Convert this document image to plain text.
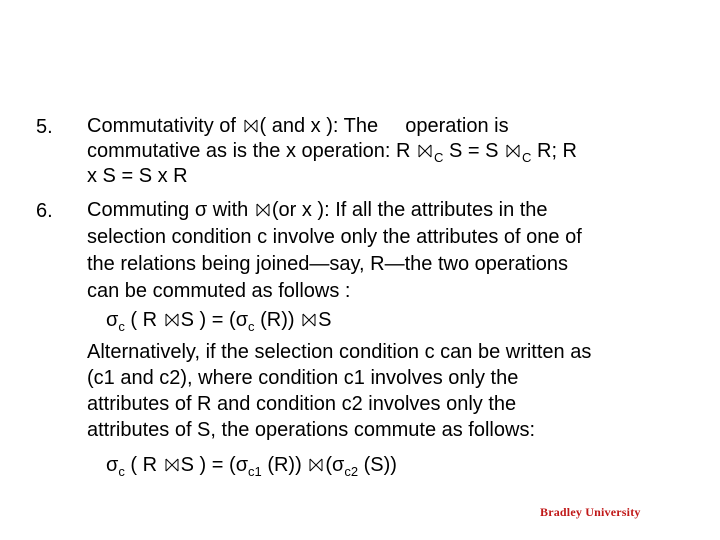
5. Commutativity of ( and x ): The operation is
commutative as is the x operation: R $_C$ S = S $_C$ R; R
x S = S x R
6. Commuting σ with (or x ): If all the attributes in the
selection condition c involve only the attributes of one of
the relations being joined—say, R—the two operations
can be commuted as follows :
$\sigma_c$ ( R S ) = ($\sigma_c$ (R)) S
Alternatively, if the selection condition c can be written as
(c1 and c2), where condition c1 involves only the
attributes of R and condition c2 involves only the
attributes of S, the operations commute as follows:
$\sigma_c$ ( R S ) = ($\sigma_{c1}$ (R)) ($\sigma_{c2}$ (S))
Bradley University
